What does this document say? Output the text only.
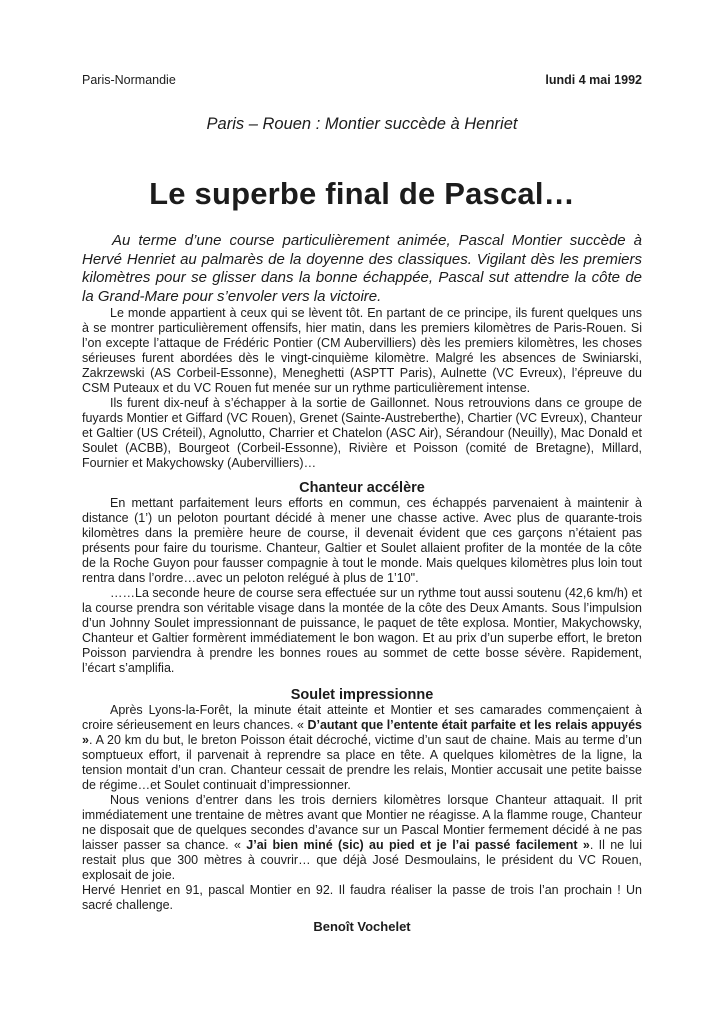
Paris-Normandie	lundi 4 mai 1992
Paris – Rouen : Montier succède à Henriet
Le superbe final de Pascal…

Au terme d’une course particulièrement animée, Pascal Montier succède à Hervé Henriet au palmarès de la doyenne des classiques. Vigilant dès les premiers kilomètres pour se glisser dans la bonne échappée, Pascal sut attendre la côte de la Grand-Mare pour s’envoler vers la victoire.

Le monde appartient à ceux qui se lèvent tôt. En partant de ce principe, ils furent quelques uns à se montrer particulièrement offensifs, hier matin, dans les premiers kilomètres de Paris-Rouen. Si l’on excepte l’attaque de Frédéric Pontier (CM Aubervilliers) dès les premiers kilomètres, les choses sérieuses furent abordées dès le vingt-cinquième kilomètre. Malgré les absences de Swiniarski, Zakrzewski (AS Corbeil-Essonne), Meneghetti (ASPTT Paris), Aulnette (VC Evreux), l’épreuve du CSM Puteaux et du VC Rouen fut menée sur un rythme particulièrement intense.

Ils furent dix-neuf à s’échapper à la sortie de Gaillonnet. Nous retrouvions dans ce groupe de fuyards Montier et Giffard (VC Rouen), Grenet (Sainte-Austreberthe), Chartier (VC Evreux), Chanteur et Galtier (US Créteil), Agnolutto, Charrier et Chatelon (ASC Air), Sérandour (Neuilly), Mac Donald et Soulet (ACBB), Bourgeot (Corbeil-Essonne), Rivière et Poisson (comité de Bretagne), Millard, Fournier et Makychowsky (Aubervilliers)…

Chanteur accélère

En mettant parfaitement leurs efforts en commun, ces échappés parvenaient à maintenir à distance (1’) un peloton pourtant décidé à mener une chasse active. Avec plus de quarante-trois kilomètres dans la première heure de course, il devenait évident que ces garçons n’étaient pas présents pour faire du tourisme. Chanteur, Galtier et Soulet allaient profiter de la montée de la côte de la Roche Guyon pour fausser compagnie à tout le monde. Mais quelques kilomètres plus loin tout rentra dans l’ordre…avec un peloton relégué à plus de 1’10".

……La seconde heure de course sera effectuée sur un rythme tout aussi soutenu (42,6 km/h) et la course prendra son véritable visage dans la montée de la côte des Deux Amants. Sous l’impulsion d’un Johnny Soulet impressionnant de puissance, le paquet de tête explosa. Montier, Makychowsky, Chanteur et Galtier formèrent immédiatement le bon wagon. Et au prix d’un superbe effort, le breton Poisson parviendra à prendre les bonnes roues au sommet de cette bosse sévère. Rapidement, l’écart s’amplifia.

Soulet impressionne

Après Lyons-la-Forêt, la minute était atteinte et Montier et ses camarades commençaient à croire sérieusement en leurs chances. « D’autant que l’entente était parfaite et les relais appuyés ». A 20 km du but, le breton Poisson était décroché, victime d’un saut de chaine. Mais au terme d’un somptueux effort, il parvenait à reprendre sa place en tête. A quelques kilomètres de la ligne, la tension montait d’un cran. Chanteur cessait de prendre les relais, Montier accusait une petite baisse de régime…et Soulet continuait d’impressionner.

Nous venions d’entrer dans les trois derniers kilomètres lorsque Chanteur attaquait. Il prit immédiatement une trentaine de mètres avant que Montier ne réagisse. A la flamme rouge, Chanteur ne disposait que de quelques secondes d’avance sur un Pascal Montier fermement décidé à ne pas laisser passer sa chance. « J’ai bien miné (sic) au pied et je l’ai passé facilement ». Il ne lui restait plus que 300 mètres à couvrir… que déjà José Desmoulains, le président du VC Rouen, explosait de joie.

Hervé Henriet en 91, pascal Montier en 92. Il faudra réaliser la passe de trois l’an prochain ! Un sacré challenge.

Benoît Vochelet
